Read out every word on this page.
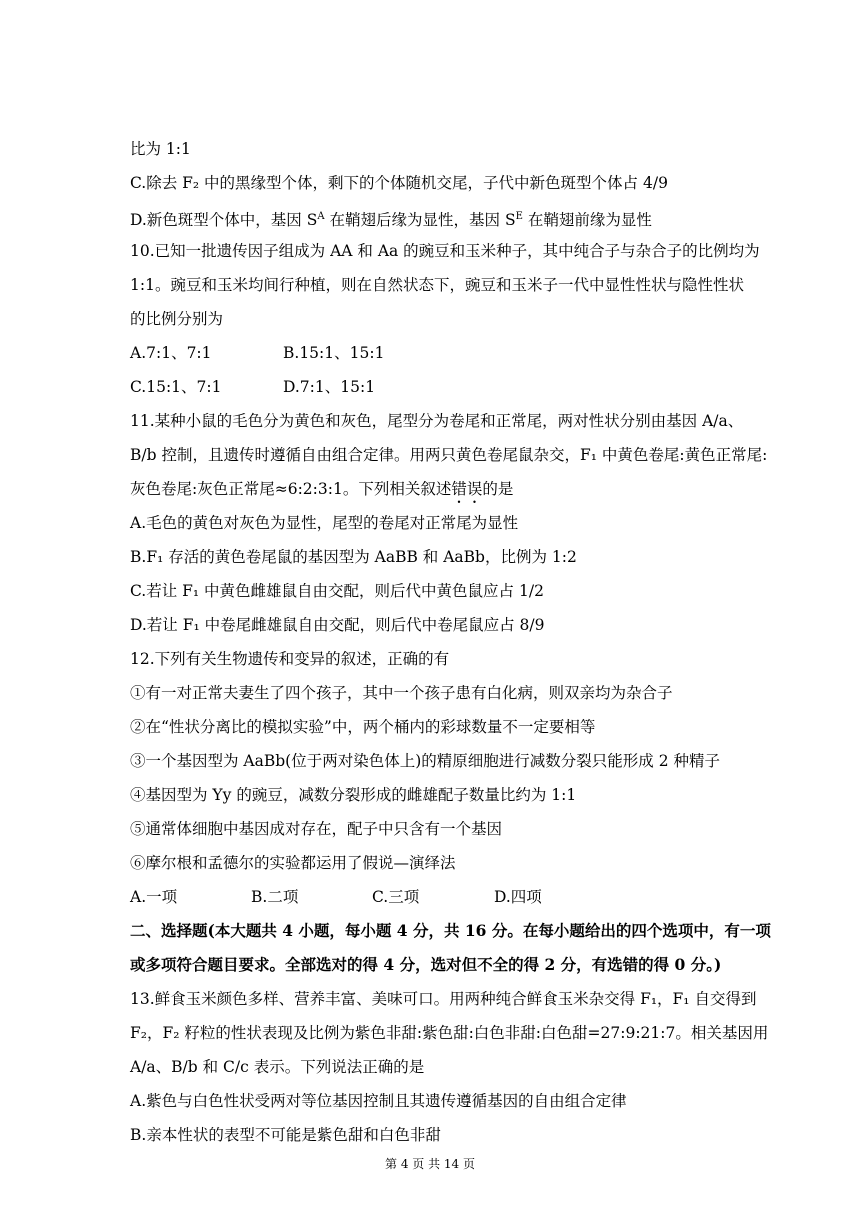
比为 1:1
C.除去 F₂ 中的黑缘型个体，剩下的个体随机交尾，子代中新色斑型个体占 4/9
D.新色斑型个体中，基因 $S^A$ 在鞘翅后缘为显性，基因 $S^E$ 在鞘翅前缘为显性
10.已知一批遗传因子组成为 AA 和 Aa 的豌豆和玉米种子，其中纯合子与杂合子的比例均为
1:1。豌豆和玉米均间行种植，则在自然状态下，豌豆和玉米子一代中显性性状与隐性性状
的比例分别为
A.7:1、7:1	B.15:1、15:1
C.15:1、7:1	D.7:1、15:1
11.某种小鼠的毛色分为黄色和灰色，尾型分为卷尾和正常尾，两对性状分别由基因 A/a、
B/b 控制，且遗传时遵循自由组合定律。用两只黄色卷尾鼠杂交，F₁ 中黄色卷尾:黄色正常尾:
灰色卷尾:灰色正常尾≈6:2:3:1。下列相关叙述错误的是
A.毛色的黄色对灰色为显性，尾型的卷尾对正常尾为显性
B.F₁ 存活的黄色卷尾鼠的基因型为 AaBB 和 AaBb，比例为 1:2
C.若让 F₁ 中黄色雌雄鼠自由交配，则后代中黄色鼠应占 1/2
D.若让 F₁ 中卷尾雌雄鼠自由交配，则后代中卷尾鼠应占 8/9
12.下列有关生物遗传和变异的叙述，正确的有
①有一对正常夫妻生了四个孩子，其中一个孩子患有白化病，则双亲均为杂合子
②在“性状分离比的模拟实验”中，两个桶内的彩球数量不一定要相等
③一个基因型为 AaBb(位于两对染色体上)的精原细胞进行减数分裂只能形成 2 种精子
④基因型为 Yy 的豌豆，减数分裂形成的雌雄配子数量比约为 1:1
⑤通常体细胞中基因成对存在，配子中只含有一个基因
⑥摩尔根和孟德尔的实验都运用了假说—演绎法
A.一项	B.二项	C.三项	D.四项
二、选择题(本大题共 4 小题，每小题 4 分，共 16 分。在每小题给出的四个选项中，有一项
或多项符合题目要求。全部选对的得 4 分，选对但不全的得 2 分，有选错的得 0 分。)
13.鲜食玉米颜色多样、营养丰富、美味可口。用两种纯合鲜食玉米杂交得 F₁，F₁ 自交得到
F₂，F₂ 籽粒的性状表现及比例为紫色非甜:紫色甜:白色非甜:白色甜=27:9:21:7。相关基因用
A/a、B/b 和 C/c 表示。下列说法正确的是
A.紫色与白色性状受两对等位基因控制且其遗传遵循基因的自由组合定律
B.亲本性状的表型不可能是紫色甜和白色非甜
第 4 页 共 14 页
